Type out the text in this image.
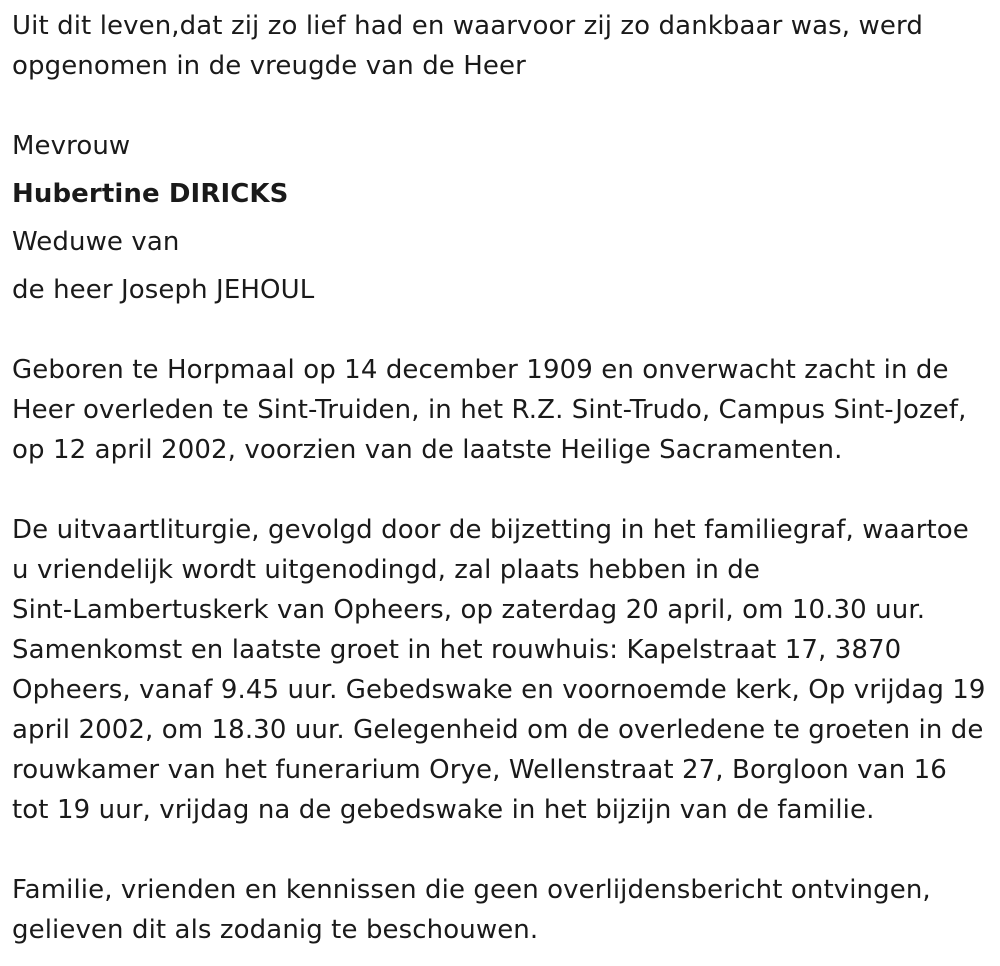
Uit dit leven,dat zij zo lief had en waarvoor zij zo dankbaar was, werd
opgenomen in de vreugde van de Heer
Mevrouw
Hubertine DIRICKS
Weduwe van
de heer Joseph JEHOUL
Geboren te Horpmaal op 14 december 1909 en onverwacht zacht in de
Heer overleden te Sint-Truiden, in het R.Z. Sint-Trudo, Campus Sint-Jozef,
op 12 april 2002, voorzien van de laatste Heilige Sacramenten.
De uitvaartliturgie, gevolgd door de bijzetting in het familiegraf, waartoe
u vriendelijk wordt uitgenodingd, zal plaats hebben in de
Sint-Lambertuskerk van Opheers, op zaterdag 20 april, om 10.30 uur.
Samenkomst en laatste groet in het rouwhuis: Kapelstraat 17, 3870
Opheers, vanaf 9.45 uur. Gebedswake en voornoemde kerk, Op vrijdag 19
april 2002, om 18.30 uur. Gelegenheid om de overledene te groeten in de
rouwkamer van het funerarium Orye, Wellenstraat 27, Borgloon van 16
tot 19 uur, vrijdag na de gebedswake in het bijzijn van de familie.
Familie, vrienden en kennissen die geen overlijdensbericht ontvingen,
gelieven dit als zodanig te beschouwen.
